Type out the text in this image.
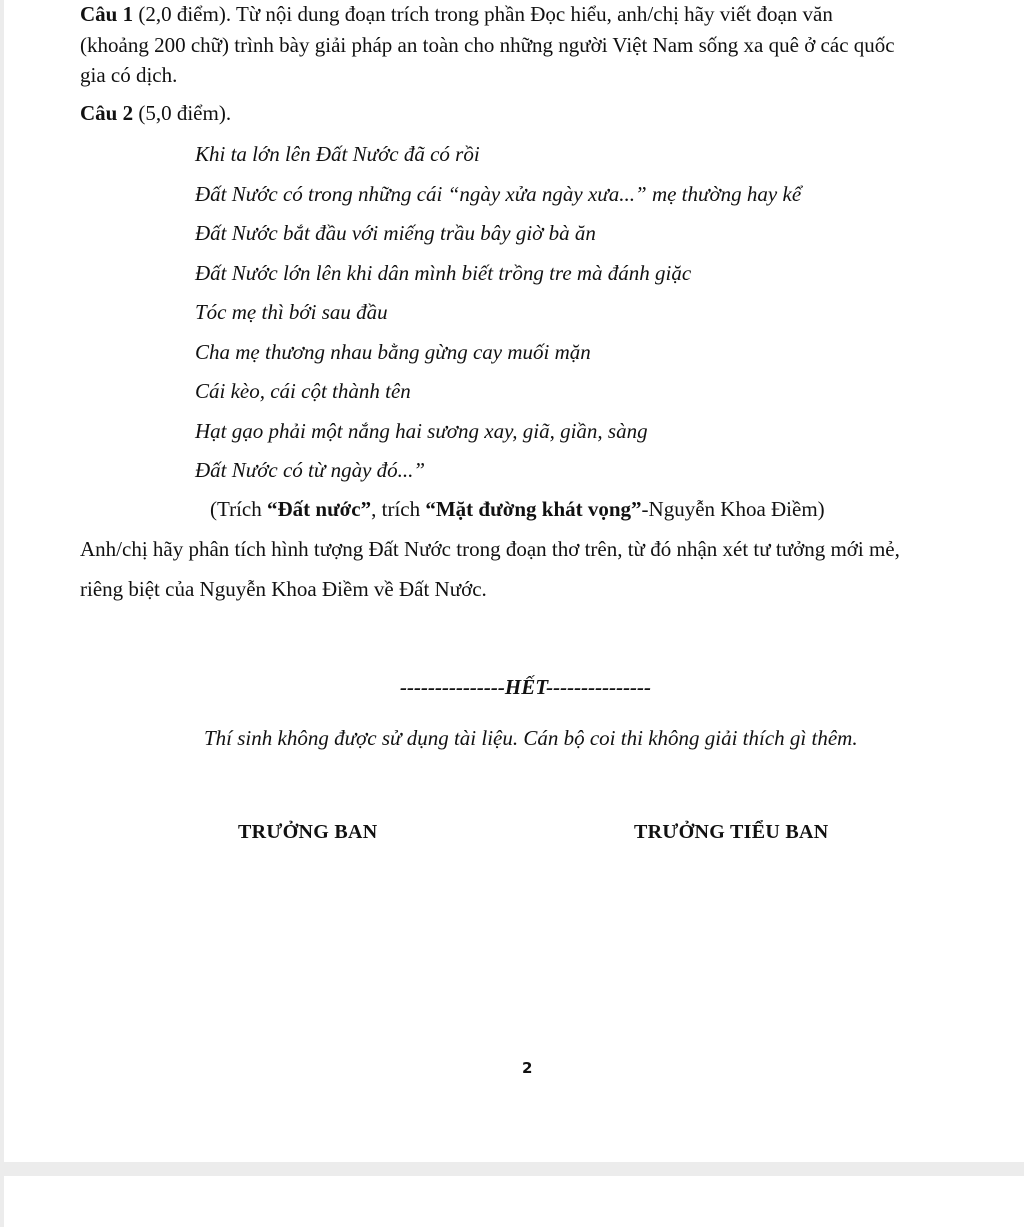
Câu 1 (2,0 điểm). Từ nội dung đoạn trích trong phần Đọc hiểu, anh/chị hãy viết đoạn văn
(khoảng 200 chữ) trình bày giải pháp an toàn cho những người Việt Nam sống xa quê ở các quốc
gia có dịch.
Câu 2 (5,0 điểm).
Khi ta lớn lên Đất Nước đã có rồi
Đất Nước có trong những cái “ngày xửa ngày xưa...” mẹ thường hay kể
Đất Nước bắt đầu với miếng trầu bây giờ bà ăn
Đất Nước lớn lên khi dân mình biết trồng tre mà đánh giặc
Tóc mẹ thì bới sau đầu
Cha mẹ thương nhau bằng gừng cay muối mặn
Cái kèo, cái cột thành tên
Hạt gạo phải một nắng hai sương xay, giã, giần, sàng
Đất Nước có từ ngày đó...”
(Trích “Đất nước”, trích “Mặt đường khát vọng”-Nguyễn Khoa Điềm)
Anh/chị hãy phân tích hình tượng Đất Nước trong đoạn thơ trên, từ đó nhận xét tư tưởng mới mẻ,
riêng biệt của Nguyễn Khoa Điềm về Đất Nước.
---------------HẾT---------------
Thí sinh không được sử dụng tài liệu. Cán bộ coi thi không giải thích gì thêm.
TRƯỞNG BAN	TRƯỞNG TIỂU BAN
2
